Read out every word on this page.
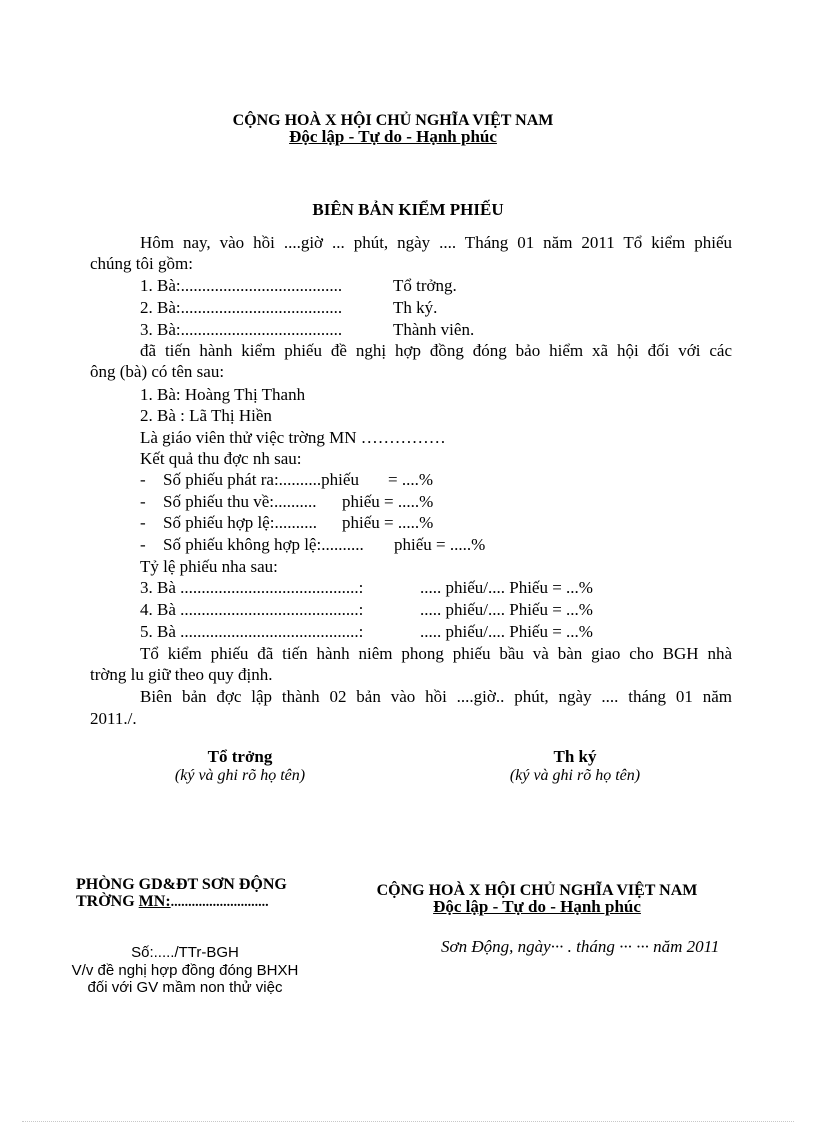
CỘNG HOÀ X HỘI CHỦ NGHĨA VIỆT NAM
Độc lập - Tự do - Hạnh phúc
BIÊN BẢN KIỂM PHIẾU
Hôm nay, vào hồi ....giờ ... phút, ngày .... Tháng 01 năm 2011 Tổ kiểm phiếu
chúng tôi gồm:
1. Bà:......................................	Tổ trởng.
2. Bà:......................................	Th ký.
3. Bà:......................................	Thành viên.
đã tiến hành kiểm phiếu đề nghị hợp đồng đóng bảo hiểm xã hội đối với các
ông (bà) có tên sau:
1. Bà: Hoàng Thị Thanh
2. Bà : Lã Thị Hiền
Là giáo viên thử việc trờng MN ……………
Kết quả thu đợc nh sau:
- Số phiếu phát ra:..........phiếu = ....%
- Số phiếu thu về:.......... phiếu = .....%
- Số phiếu hợp lệ:.......... phiếu = .....%
- Số phiếu không hợp lệ:.......... phiếu = .....%
Tỷ lệ phiếu nha sau:
3. Bà ..........................................:	..... phiếu/.... Phiếu = ...%
4. Bà ..........................................:	..... phiếu/.... Phiếu = ...%
5. Bà ..........................................:	..... phiếu/.... Phiếu = ...%
Tổ kiểm phiếu đã tiến hành niêm phong phiếu bầu và bàn giao cho BGH nhà
trờng lu giữ theo quy định.
Biên bản đợc lập thành 02 bản vào hồi ....giờ.. phút, ngày .... tháng 01 năm
2011./.
Tổ trởng
(ký và ghi rõ họ tên)
Th ký
(ký và ghi rõ họ tên)
PHÒNG GD&ĐT SƠN ĐỘNG
TRỜNG MN:............................
CỘNG HOÀ X HỘI CHỦ NGHĨA VIỆT NAM
Độc lập - Tự do - Hạnh phúc
Số:...../TTr-BGH
V/v đề nghị hợp đồng đóng BHXH
đối với GV mầm non thử việc
Sơn Động, ngày··· . tháng ··· ··· năm 2011
